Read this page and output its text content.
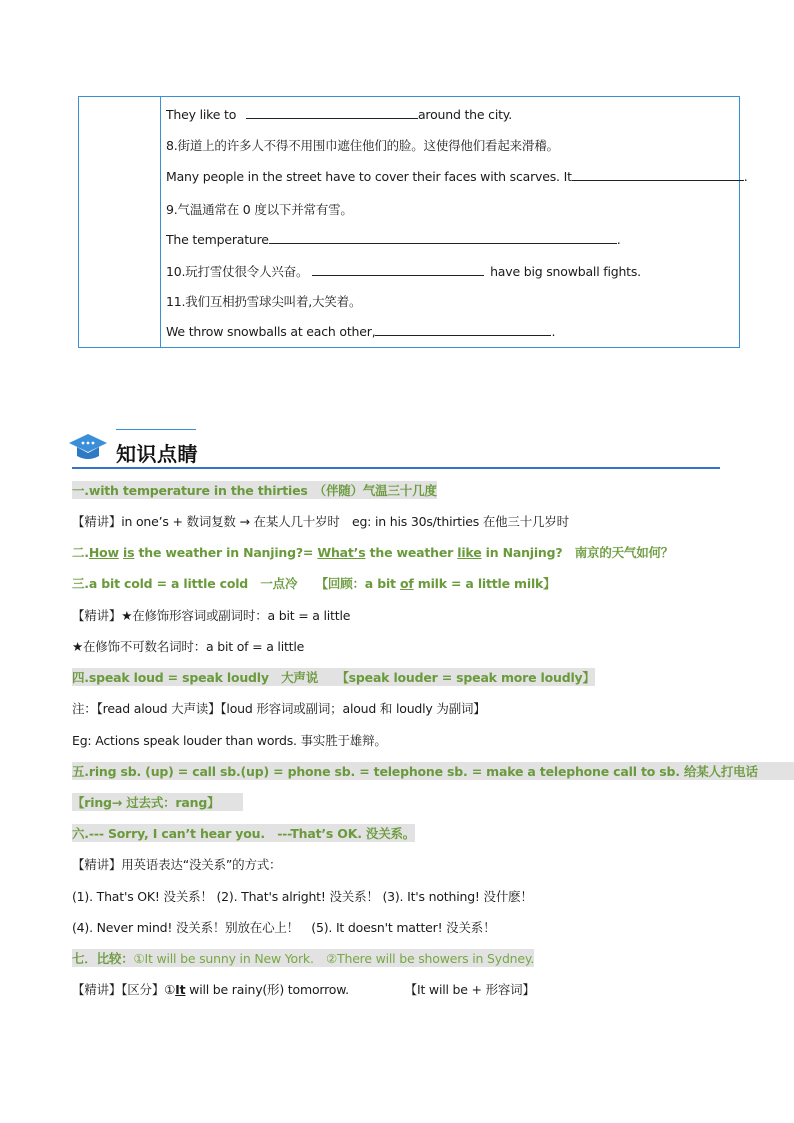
They like to	around the city.
8.街道上的许多人不得不用围巾遮住他们的脸。这使得他们看起来滑稽。
Many people in the street have to cover their faces with scarves. It	.
9.气温通常在 0 度以下并常有雪。
The temperature	.
10.玩打雪仗很令人兴奋。	have big snowball fights.
11.我们互相扔雪球尖叫着,大笑着。
We throw snowballs at each other,	.
知识点睛
一.with temperature in the thirties　（伴随）气温三十几度
【精讲】in one’s + 数词复数 → 在某人几十岁时　eg: in his 30s/thirties 在他三十几岁时
二.How is the weather in Nanjing?= What’s the weather like in Nanjing?　南京的天气如何？
三.a bit cold = a little cold　一点冷　　【回顾：a bit of milk = a little milk】
【精讲】★在修饰形容词或副词时：a bit = a little
★在修饰不可数名词时：a bit of = a little
四.speak loud = speak loudly　大声说　　【speak louder = speak more loudly】
注：【read aloud 大声读】【loud 形容词或副词；aloud 和 loudly 为副词】
Eg: Actions speak louder than words. 事实胜于雄辩。
五.ring sb. (up) = call sb.(up) = phone sb. = telephone sb. = make a telephone call to sb. 给某人打电话
【ring→ 过去式：rang】
六.--- Sorry, I can’t hear you.　---That’s OK. 没关系。
【精讲】用英语表达“没关系”的方式：
(1). That's OK! 没关系！ (2). That's alright! 没关系！ (3). It's nothing! 没什麽！
(4). Never mind! 没关系！别放在心上！　(5). It doesn't matter! 没关系！
七．比较：①It will be sunny in New York.　②There will be showers in Sydney.
【精讲】【区分】①It will be rainy(形) tomorrow.	【It will be + 形容词】
